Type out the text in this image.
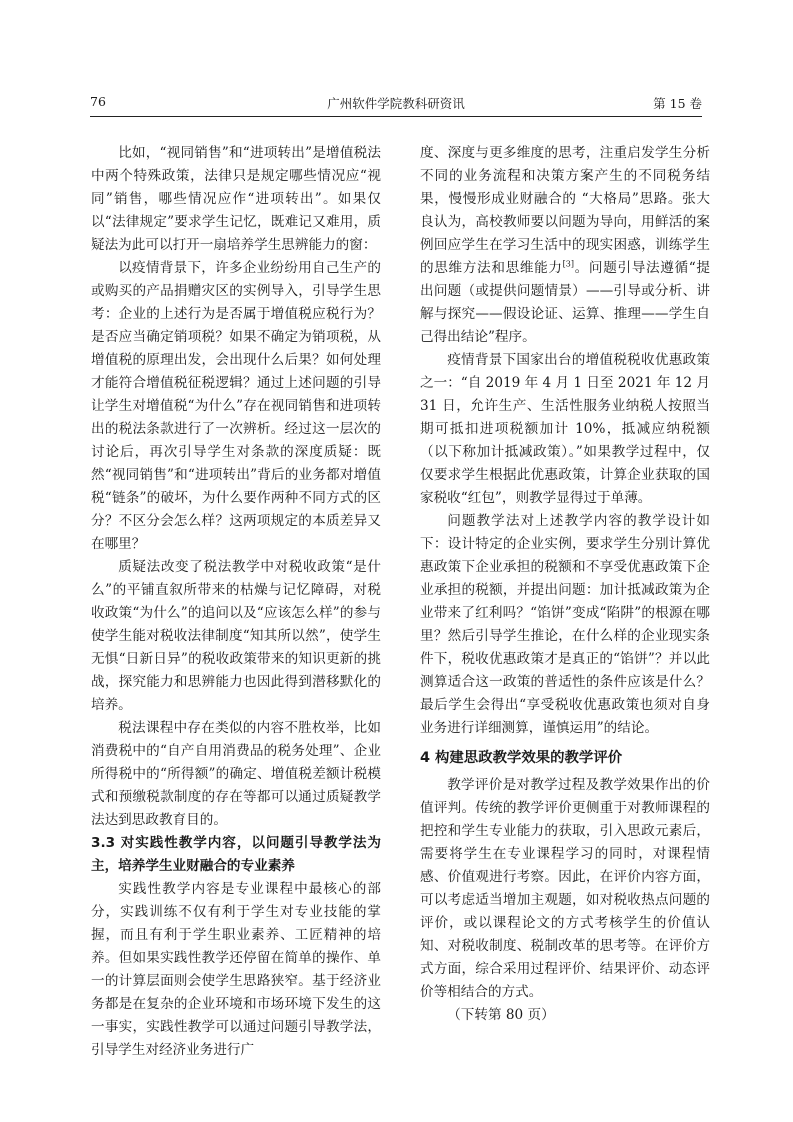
76	广州软件学院教科研资讯	第 15 卷

比如，“视同销售”和“进项转出”是增值税法中两个特殊政策，法律只是规定哪些情况应“视同”销售，哪些情况应作“进项转出”。如果仅以“法律规定”要求学生记忆，既难记又难用，质疑法为此可以打开一扇培养学生思辨能力的窗：

以疫情背景下，许多企业纷纷用自己生产的或购买的产品捐赠灾区的实例导入，引导学生思考：企业的上述行为是否属于增值税应税行为？是否应当确定销项税？如果不确定为销项税，从增值税的原理出发，会出现什么后果？如何处理才能符合增值税征税逻辑？通过上述问题的引导让学生对增值税“为什么”存在视同销售和进项转出的税法条款进行了一次辨析。经过这一层次的讨论后，再次引导学生对条款的深度质疑：既然“视同销售”和“进项转出”背后的业务都对增值税“链条”的破坏，为什么要作两种不同方式的区分？不区分会怎么样？这两项规定的本质差异又在哪里？

质疑法改变了税法教学中对税收政策“是什么”的平铺直叙所带来的枯燥与记忆障碍，对税收政策“为什么”的追问以及“应该怎么样”的参与使学生能对税收法律制度“知其所以然”，使学生无惧“日新日异”的税收政策带来的知识更新的挑战，探究能力和思辨能力也因此得到潜移默化的培养。

税法课程中存在类似的内容不胜枚举，比如消费税中的“自产自用消费品的税务处理”、企业所得税中的“所得额”的确定、增值税差额计税模式和预缴税款制度的存在等都可以通过质疑教学法达到思政教育目的。

3.3 对实践性教学内容，以问题引导教学法为主，培养学生业财融合的专业素养

实践性教学内容是专业课程中最核心的部分，实践训练不仅有利于学生对专业技能的掌握，而且有利于学生职业素养、工匠精神的培养。但如果实践性教学还停留在简单的操作、单一的计算层面则会使学生思路狭窄。基于经济业务都是在复杂的企业环境和市场环境下发生的这一事实，实践性教学可以通过问题引导教学法，引导学生对经济业务进行广

度、深度与更多维度的思考，注重启发学生分析不同的业务流程和决策方案产生的不同税务结果，慢慢形成业财融合的 “大格局”思路。张大良认为，高校教师要以问题为导向，用鲜活的案例回应学生在学习生活中的现实困惑，训练学生的思维方法和思维能力[3]。问题引导法遵循“提出问题（或提供问题情景）——引导或分析、讲解与探究——假设论证、运算、推理——学生自己得出结论”程序。

疫情背景下国家出台的增值税税收优惠政策之一：“自 2019 年 4 月 1 日至 2021 年 12 月 31 日，允许生产、生活性服务业纳税人按照当期可抵扣进项税额加计 10%，抵减应纳税额（以下称加计抵减政策）。”如果教学过程中，仅仅要求学生根据此优惠政策，计算企业获取的国家税收“红包”，则教学显得过于单薄。

问题教学法对上述教学内容的教学设计如下：设计特定的企业实例，要求学生分别计算优惠政策下企业承担的税额和不享受优惠政策下企业承担的税额，并提出问题：加计抵减政策为企业带来了红利吗？“馅饼”变成“陷阱”的根源在哪里？然后引导学生推论，在什么样的企业现实条件下，税收优惠政策才是真正的“馅饼”？并以此测算适合这一政策的普适性的条件应该是什么？最后学生会得出“享受税收优惠政策也须对自身业务进行详细测算，谨慎运用”的结论。

4 构建思政教学效果的教学评价

教学评价是对教学过程及教学效果作出的价值评判。传统的教学评价更侧重于对教师课程的把控和学生专业能力的获取，引入思政元素后，需要将学生在专业课程学习的同时，对课程情感、价值观进行考察。因此，在评价内容方面，可以考虑适当增加主观题，如对税收热点问题的评价，或以课程论文的方式考核学生的价值认知、对税收制度、税制改革的思考等。在评价方式方面，综合采用过程评价、结果评价、动态评价等相结合的方式。

（下转第 80 页）
